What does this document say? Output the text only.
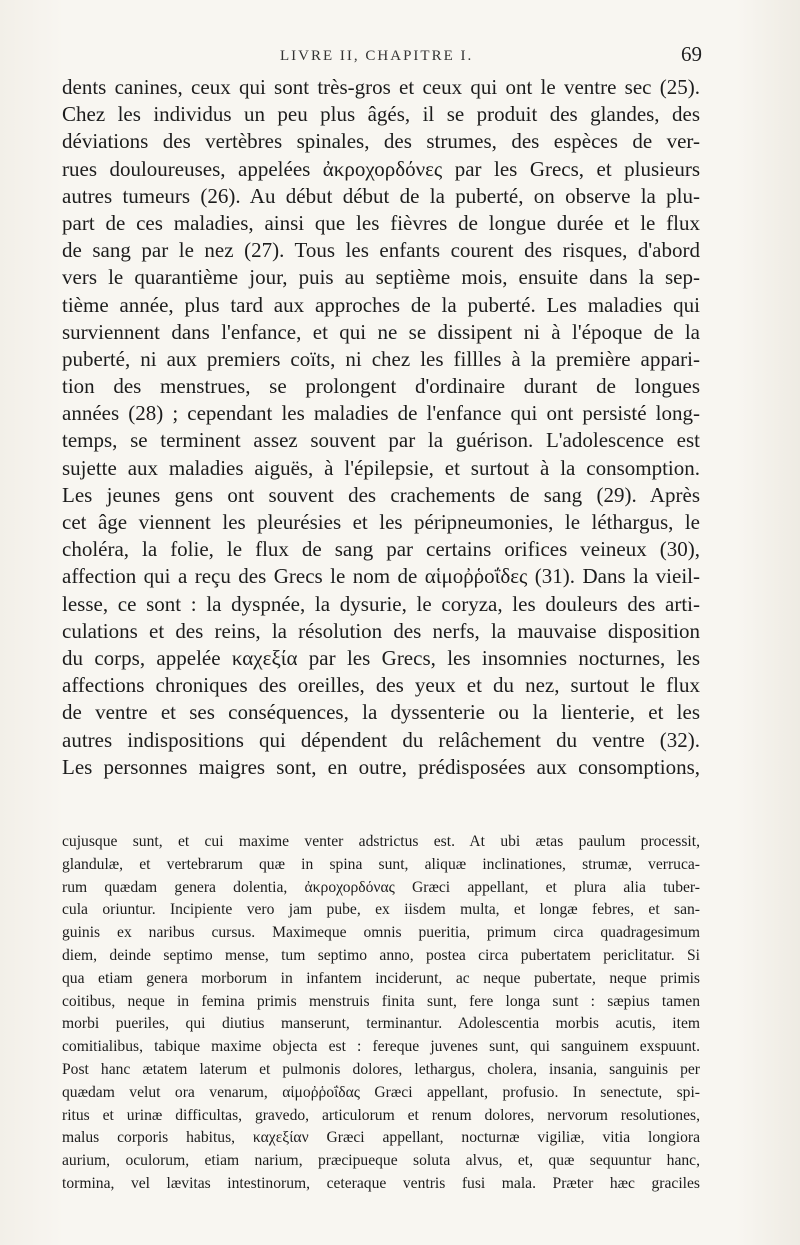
LIVRE II, CHAPITRE I.	69
dents canines, ceux qui sont très-gros et ceux qui ont le ventre sec (25).
Chez les individus un peu plus âgés, il se produit des glandes, des
déviations des vertèbres spinales, des strumes, des espèces de ver-
rues douloureuses, appelées ἀκροχορδόνες par les Grecs, et plusieurs
autres tumeurs (26). Au début début de la puberté, on observe la plu-
part de ces maladies, ainsi que les fièvres de longue durée et le flux
de sang par le nez (27). Tous les enfants courent des risques, d'abord
vers le quarantième jour, puis au septième mois, ensuite dans la sep-
tième année, plus tard aux approches de la puberté. Les maladies qui
surviennent dans l'enfance, et qui ne se dissipent ni à l'époque de la
puberté, ni aux premiers coïts, ni chez les fillles à la première appari-
tion des menstrues, se prolongent d'ordinaire durant de longues
années (28) ; cependant les maladies de l'enfance qui ont persisté long-
temps, se terminent assez souvent par la guérison. L'adolescence est
sujette aux maladies aiguës, à l'épilepsie, et surtout à la consomption.
Les jeunes gens ont souvent des crachements de sang (29). Après
cet âge viennent les pleurésies et les péripneumonies, le léthargus, le
choléra, la folie, le flux de sang par certains orifices veineux (30),
affection qui a reçu des Grecs le nom de αἱμοῤῥοΐδες (31). Dans la vieil-
lesse, ce sont : la dyspnée, la dysurie, le coryza, les douleurs des arti-
culations et des reins, la résolution des nerfs, la mauvaise disposition
du corps, appelée καχεξία par les Grecs, les insomnies nocturnes, les
affections chroniques des oreilles, des yeux et du nez, surtout le flux
de ventre et ses conséquences, la dyssenterie ou la lienterie, et les
autres indispositions qui dépendent du relâchement du ventre (32).
Les personnes maigres sont, en outre, prédisposées aux consomptions,
cujusque sunt, et cui maxime venter adstrictus est. At ubi ætas paulum processit,
glandulæ, et vertebrarum quæ in spina sunt, aliquæ inclinationes, strumæ, verruca-
rum quædam genera dolentia, ἀκροχορδόνας Græci appellant, et plura alia tuber-
cula oriuntur. Incipiente vero jam pube, ex iisdem multa, et longæ febres, et san-
guinis ex naribus cursus. Maximeque omnis pueritia, primum circa quadragesimum
diem, deinde septimo mense, tum septimo anno, postea circa pubertatem periclitatur. Si
qua etiam genera morborum in infantem inciderunt, ac neque pubertate, neque primis
coitibus, neque in femina primis menstruis finita sunt, fere longa sunt : sæpius tamen
morbi pueriles, qui diutius manserunt, terminantur. Adolescentia morbis acutis, item
comitialibus, tabique maxime objecta est : fereque juvenes sunt, qui sanguinem exspuunt.
Post hanc ætatem laterum et pulmonis dolores, lethargus, cholera, insania, sanguinis per
quædam velut ora venarum, αἱμοῤῥοΐδας Græci appellant, profusio. In senectute, spi-
ritus et urinæ difficultas, gravedo, articulorum et renum dolores, nervorum resolutiones,
malus corporis habitus, καχεξίαν Græci appellant, nocturnæ vigiliæ, vitia longiora
aurium, oculorum, etiam narium, præcipueque soluta alvus, et, quæ sequuntur hanc,
tormina, vel lævitas intestinorum, ceteraque ventris fusi mala. Præter hæc graciles
